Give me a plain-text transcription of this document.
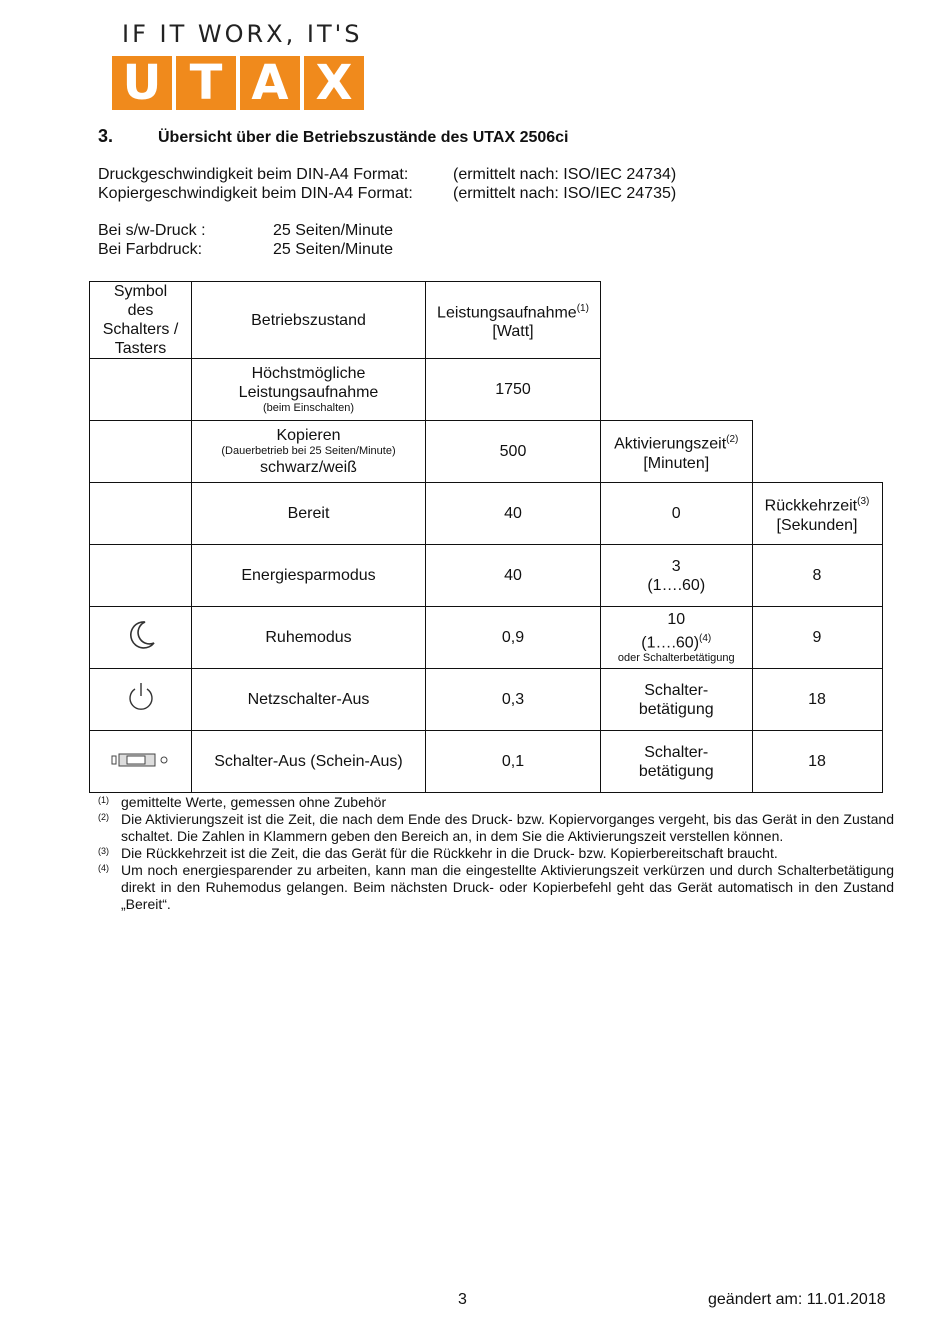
IF IT WORX, IT'S
U T A X
3.	Übersicht über die Betriebszustände des UTAX 2506ci
Druckgeschwindigkeit beim DIN-A4 Format:	(ermittelt nach: ISO/IEC 24734)
Kopiergeschwindigkeit beim DIN-A4 Format:	(ermittelt nach: ISO/IEC 24735)
Bei s/w-Druck :	25 Seiten/Minute
Bei Farbdruck:	25 Seiten/Minute
Symbol
des
Schalters /
Tasters	Betriebszustand	Leistungsaufnahme$^{(1)}$
[Watt]		
	Höchstmögliche
Leistungsaufnahme
(beim Einschalten)	1750		
	Kopieren
(Dauerbetrieb bei 25 Seiten/Minute)
schwarz/weiß	500	Aktivierungszeit$^{(2)}$
[Minuten]	
	Bereit	40	0	Rückkehrzeit$^{(3)}$
[Sekunden]
	Energiesparmodus	40	3
(1….60)	8
	Ruhemodus	0,9	10
(1….60)$^{(4)}$
oder Schalterbetätigung	9
	Netzschalter-Aus	0,3	Schalter-
betätigung	18
	Schalter-Aus (Schein-Aus)	0,1	Schalter-
betätigung	18
(1) gemittelte Werte, gemessen ohne Zubehör
(2) Die Aktivierungszeit ist die Zeit, die nach dem Ende des Druck- bzw. Kopiervorganges vergeht, bis das Gerät in den Zustand schaltet. Die Zahlen in Klammern geben den Bereich an, in dem Sie die Aktivierungszeit verstellen können.
(3) Die Rückkehrzeit ist die Zeit, die das Gerät für die Rückkehr in die Druck- bzw. Kopierbereitschaft braucht.
(4) Um noch energiesparender zu arbeiten, kann man die eingestellte Aktivierungszeit verkürzen und durch Schalterbetätigung direkt in den Ruhemodus gelangen. Beim nächsten Druck- oder Kopierbefehl geht das Gerät automatisch in den Zustand „Bereit“.
3	geändert am: 11.01.2018
